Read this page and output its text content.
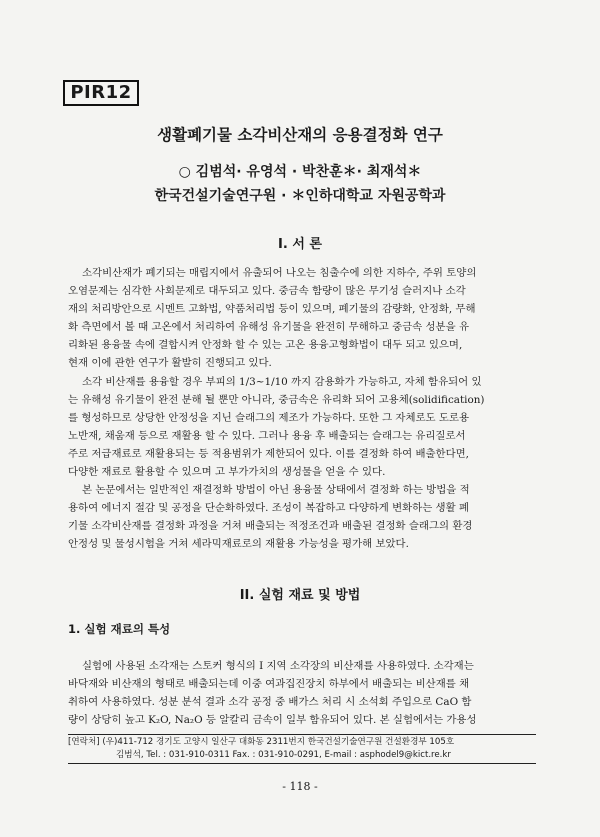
PIR12
생활폐기물 소각비산재의 응용결정화 연구
○ 김범석· 유영석 · 박찬훈＊· 최재석＊
한국건설기술연구원 · ＊인하대학교 자원공학과
I. 서 론
소각비산재가 폐기되는 매립지에서 유출되어 나오는 침출수에 의한 지하수, 주위 토양의
오염문제는 심각한 사회문제로 대두되고 있다. 중금속 함량이 많은 무기성 슬러지나 소각
재의 처리방안으로 시멘트 고화법, 약품처리법 등이 있으며, 폐기물의 감량화, 안정화, 무해
화 측면에서 볼 때 고온에서 처리하여 유해성 유기물을 완전히 무해하고 중금속 성분을 유
리화된 용융물 속에 결합시켜 안정화 할 수 있는 고온 용융고형화법이 대두 되고 있으며,
현재 이에 관한 연구가 활발히 진행되고 있다.
소각 비산재를 용융할 경우 부피의 1/3~1/10 까지 감용화가 가능하고, 자체 함유되어 있
는 유해성 유기물이 완전 분해 될 뿐만 아니라, 중금속은 유리화 되어 고용체(solidification)
를 형성하므로 상당한 안정성을 지닌 슬래그의 제조가 가능하다. 또한 그 자체로도 도로용
노반재, 채움재 등으로 재활용 할 수 있다. 그러나 용융 후 배출되는 슬래그는 유리질로서
주로 저급재료로 재활용되는 등 적용범위가 제한되어 있다. 이를 결정화 하여 배출한다면,
다양한 재료로 활용할 수 있으며 고 부가가치의 생성물을 얻을 수 있다.
본 논문에서는 일반적인 재결정화 방법이 아닌 용융물 상태에서 결정화 하는 방법을 적
용하여 에너지 절감 및 공정을 단순화하였다. 조성이 복잡하고 다양하게 변화하는 생활 폐
기물 소각비산재를 결정화 과정을 거쳐 배출되는 적정조건과 배출된 결정화 슬래그의 환경
안정성 및 물성시험을 거쳐 세라믹재료로의 재활용 가능성을 평가해 보았다.
II. 실험 재료 및 방법
1. 실험 재료의 특성
실험에 사용된 소각재는 스토커 형식의 I 지역 소각장의 비산재를 사용하였다. 소각재는
바닥재와 비산재의 형태로 배출되는데 이중 여과집진장치 하부에서 배출되는 비산재를 채
취하여 사용하였다. 성분 분석 결과 소각 공정 중 배가스 처리 시 소석회 주입으로 CaO 함
량이 상당히 높고 K₂O, Na₂O 등 알칼리 금속이 일부 함유되어 있다. 본 실험에서는 가용성
[연락처] (우)411-712 경기도 고양시 일산구 대화동 2311번지 한국건설기술연구원 건설환경부 105호
김범석, Tel. : 031-910-0311 Fax. : 031-910-0291, E-mail : asphodel9@kict.re.kr
- 118 -
